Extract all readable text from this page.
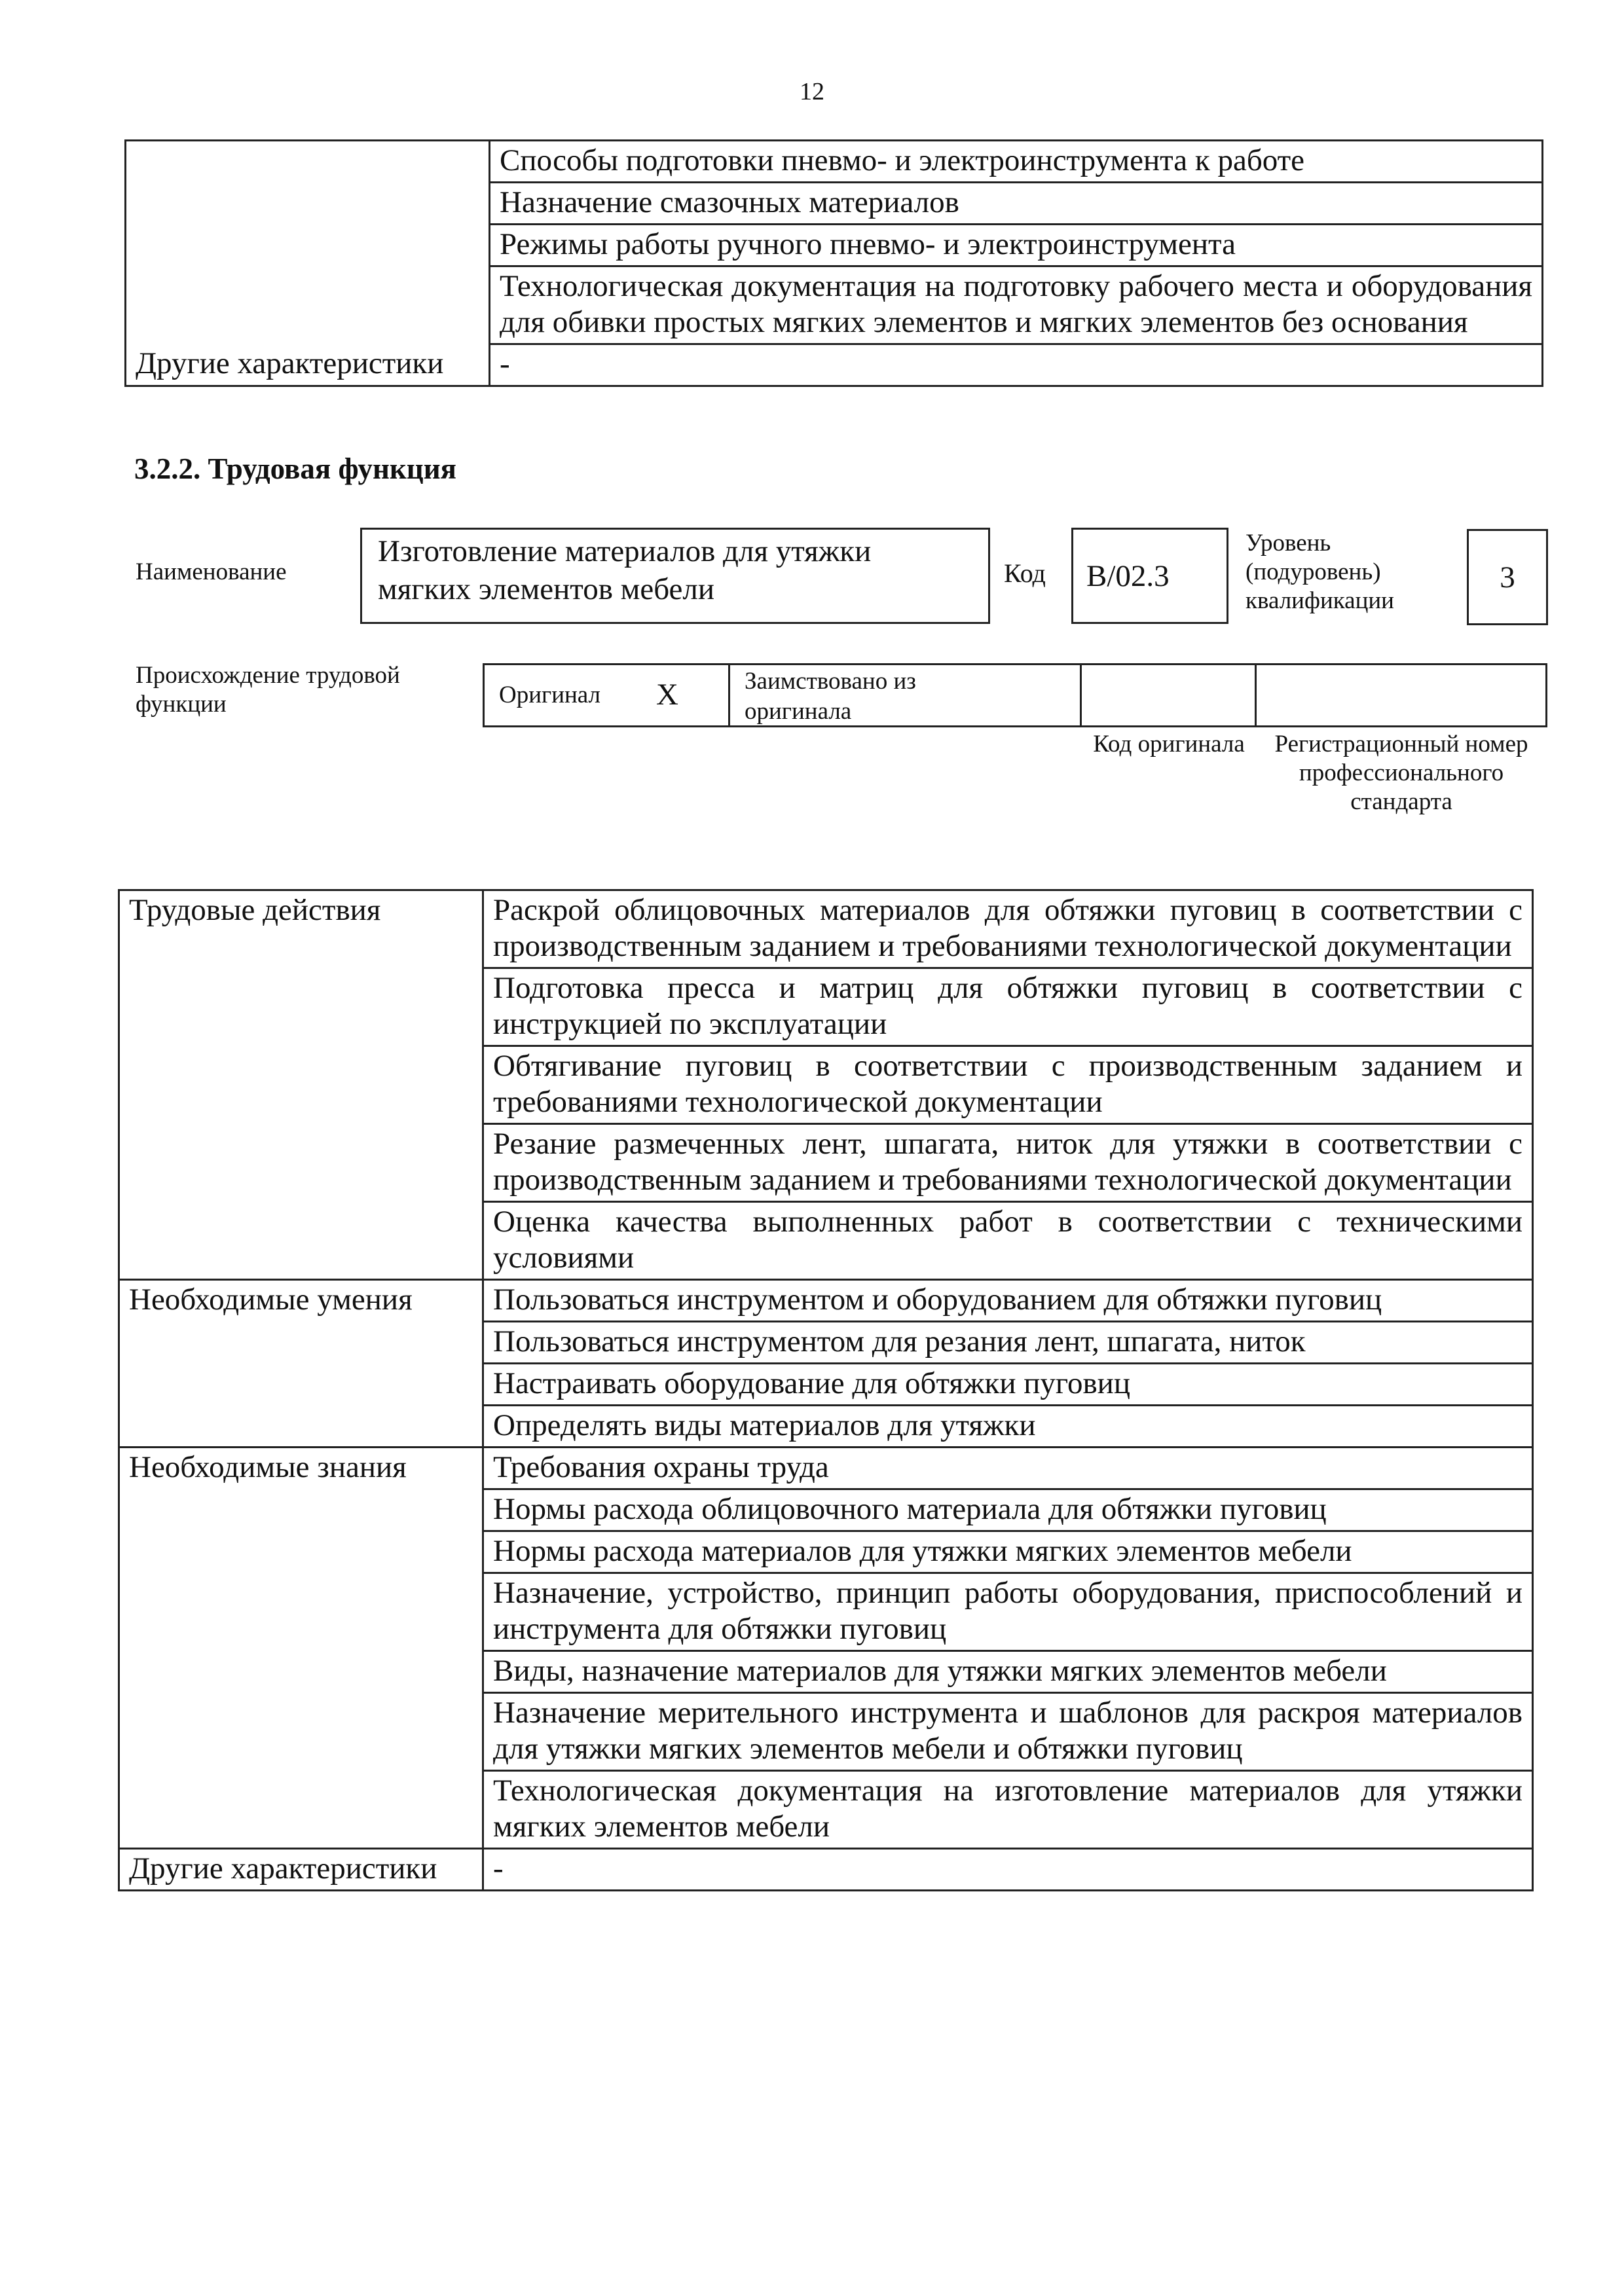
12
	Способы подготовки пневмо- и электроинструмента к работе
	Назначение смазочных материалов
	Режимы работы ручного пневмо- и электроинструмента
	Технологическая документация на подготовку рабочего места и оборудования для обивки простых мягких элементов и мягких элементов без основания
Другие характеристики	-
3.2.2. Трудовая функция
Наименование
Изготовление материалов для утяжки мягких элементов мебели	Код B/02.3
Уровень (подуровень) квалификации
3
Происхождение трудовой функции	Оригинал X	Заимствовано из оригинала
Код оригинала	Регистрационный номер профессионального стандарта
Трудовые действия	Раскрой облицовочных материалов для обтяжки пуговиц в соответствии с производственным заданием и требованиями технологической документации
	Подготовка пресса и матриц для обтяжки пуговиц в соответствии с инструкцией по эксплуатации
	Обтягивание пуговиц в соответствии с производственным заданием и требованиями технологической документации
	Резание размеченных лент, шпагата, ниток для утяжки в соответствии с производственным заданием и требованиями технологической документации
	Оценка качества выполненных работ в соответствии с техническими условиями
Необходимые умения	Пользоваться инструментом и оборудованием для обтяжки пуговиц
	Пользоваться инструментом для резания лент, шпагата, ниток
	Настраивать оборудование для обтяжки пуговиц
	Определять виды материалов для утяжки
Необходимые знания	Требования охраны труда
	Нормы расхода облицовочного материала для обтяжки пуговиц
	Нормы расхода материалов для утяжки мягких элементов мебели
	Назначение, устройство, принцип работы оборудования, приспособлений и инструмента для обтяжки пуговиц
	Виды, назначение материалов для утяжки мягких элементов мебели
	Назначение мерительного инструмента и шаблонов для раскроя материалов для утяжки мягких элементов мебели и обтяжки пуговиц
	Технологическая документация на изготовление материалов для утяжки мягких элементов мебели
Другие характеристики	-
